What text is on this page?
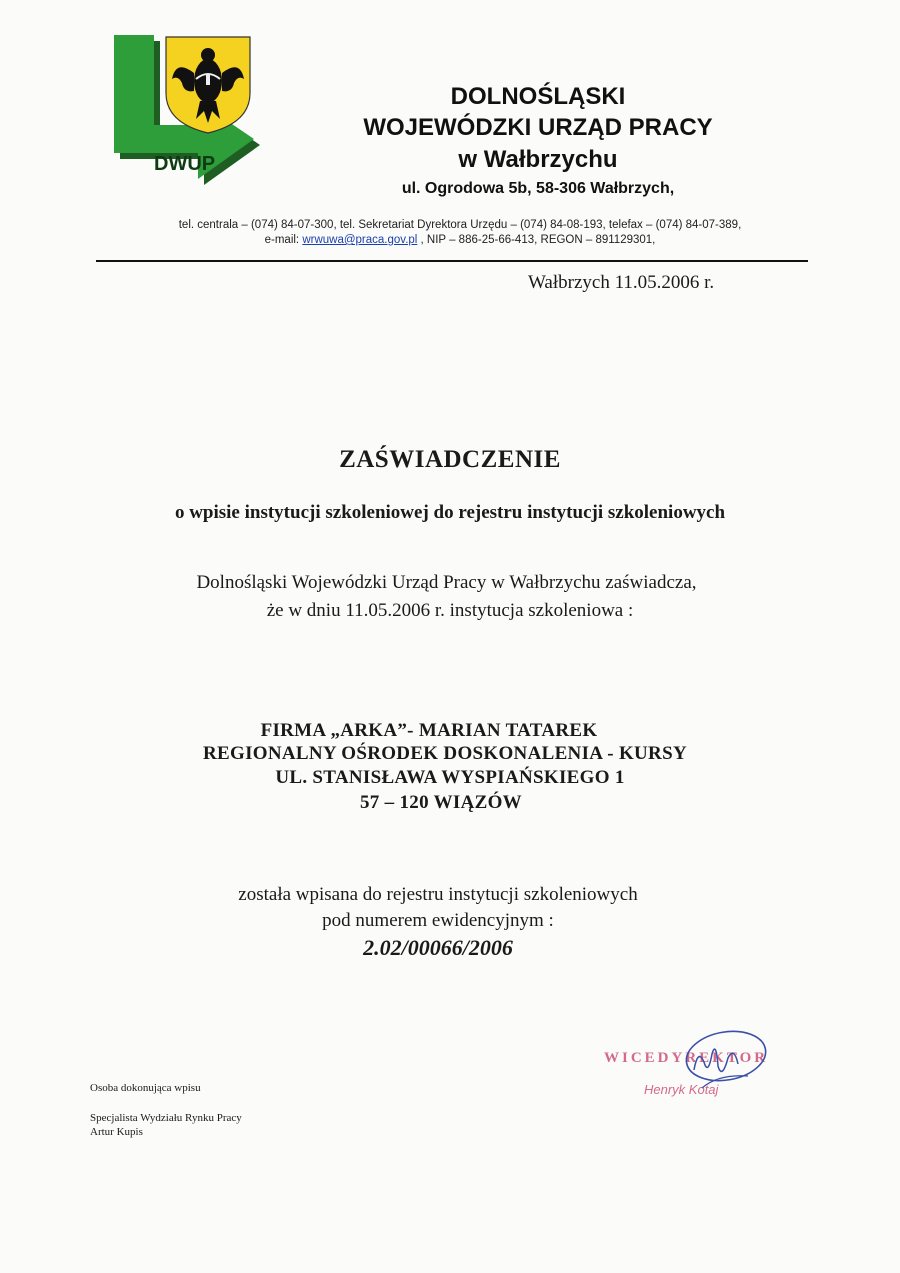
DWUP
DOLNOŚLĄSKI
WOJEWÓDZKI URZĄD PRACY
w Wałbrzychu
ul. Ogrodowa 5b, 58-306 Wałbrzych,
tel. centrala – (074) 84-07-300, tel. Sekretariat Dyrektora Urzędu – (074) 84-08-193, telefax – (074) 84-07-389,
e-mail: wrwuwa@praca.gov.pl , NIP – 886-25-66-413, REGON – 891129301,
Wałbrzych 11.05.2006 r.
ZAŚWIADCZENIE
o wpisie instytucji szkoleniowej do rejestru instytucji szkoleniowych
Dolnośląski Wojewódzki Urząd Pracy w Wałbrzychu zaświadcza,
że w dniu 11.05.2006 r. instytucja szkoleniowa :
FIRMA „ARKA”- MARIAN TATAREK
REGIONALNY OŚRODEK DOSKONALENIA - KURSY
UL. STANISŁAWA WYSPIAŃSKIEGO 1
57 – 120 WIĄZÓW
została wpisana do rejestru instytucji szkoleniowych
pod numerem ewidencyjnym :
2.02/00066/2006
Osoba dokonująca wpisu
Specjalista Wydziału Rynku Pracy
Artur Kupis
WICEDYREKTOR
Henryk Kotaj
